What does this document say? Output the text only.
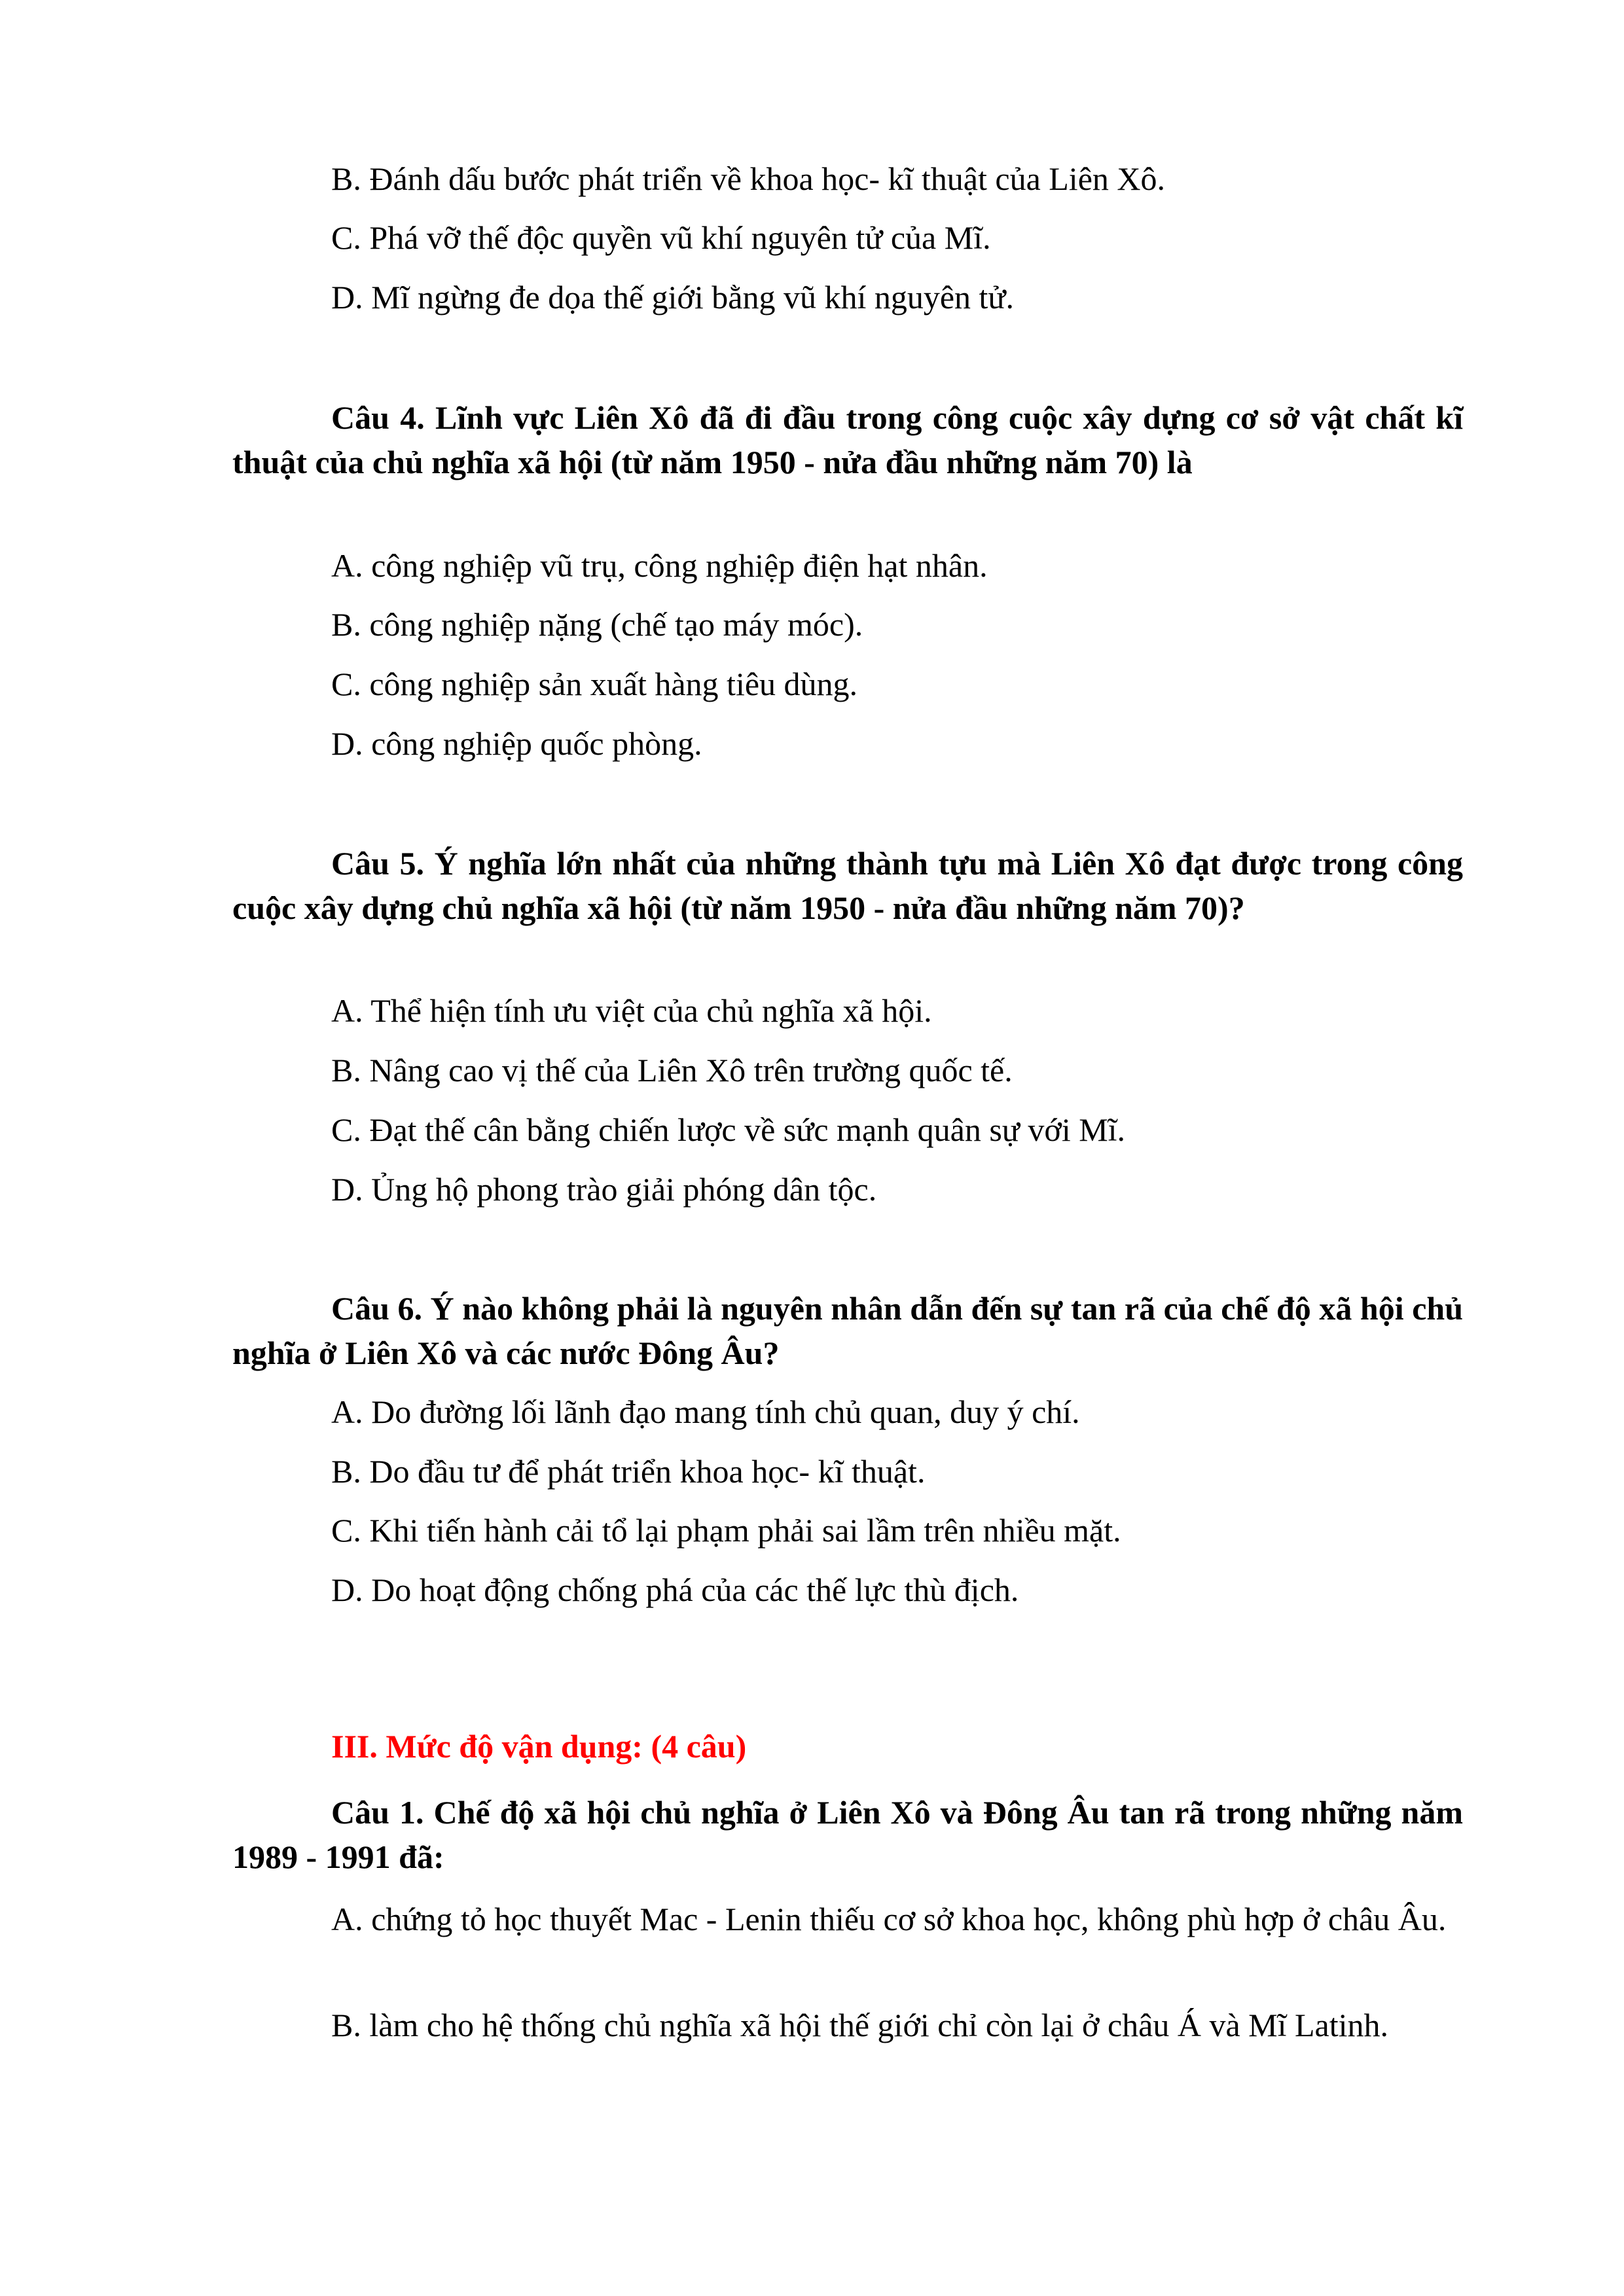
B. Đánh dấu bước phát triển về khoa học- kĩ thuật của Liên Xô.
C. Phá vỡ thế độc quyền vũ khí nguyên tử của Mĩ.
D. Mĩ ngừng đe dọa thế giới bằng vũ khí nguyên tử.
Câu 4. Lĩnh vực Liên Xô đã đi đầu trong công cuộc xây dựng cơ sở vật chất kĩ thuật của chủ nghĩa xã hội (từ năm 1950 - nửa đầu những năm 70) là
A. công nghiệp vũ trụ, công nghiệp điện hạt nhân.
B. công nghiệp nặng (chế tạo máy móc).
C. công nghiệp sản xuất hàng tiêu dùng.
D. công nghiệp quốc phòng.
Câu 5. Ý nghĩa lớn nhất của những thành tựu mà Liên Xô đạt được trong công cuộc xây dựng chủ nghĩa xã hội (từ năm 1950 - nửa đầu những năm 70)?
A. Thể hiện tính ưu việt của chủ nghĩa xã hội.
B. Nâng cao vị thế của Liên Xô trên trường quốc tế.
C. Đạt thế cân bằng chiến lược về sức mạnh quân sự với Mĩ.
D. Ủng hộ phong trào giải phóng dân tộc.
Câu 6. Ý nào không phải là nguyên nhân dẫn đến sự tan rã của chế độ xã hội chủ nghĩa ở Liên Xô và các nước Đông Âu?
A. Do đường lối lãnh đạo mang tính chủ quan, duy ý chí.
B. Do đầu tư để phát triển khoa học- kĩ thuật.
C. Khi tiến hành cải tổ lại phạm phải sai lầm trên nhiều mặt.
D. Do hoạt động chống phá của các thế lực thù địch.
III. Mức độ vận dụng: (4 câu)
Câu 1. Chế độ xã hội chủ nghĩa ở Liên Xô và Đông Âu tan rã trong những năm 1989 - 1991 đã:
A. chứng tỏ học thuyết Mac - Lenin thiếu cơ sở khoa học, không phù hợp ở châu Âu.
B. làm cho hệ thống chủ nghĩa xã hội thế giới chỉ còn lại ở châu Á và Mĩ Latinh.
